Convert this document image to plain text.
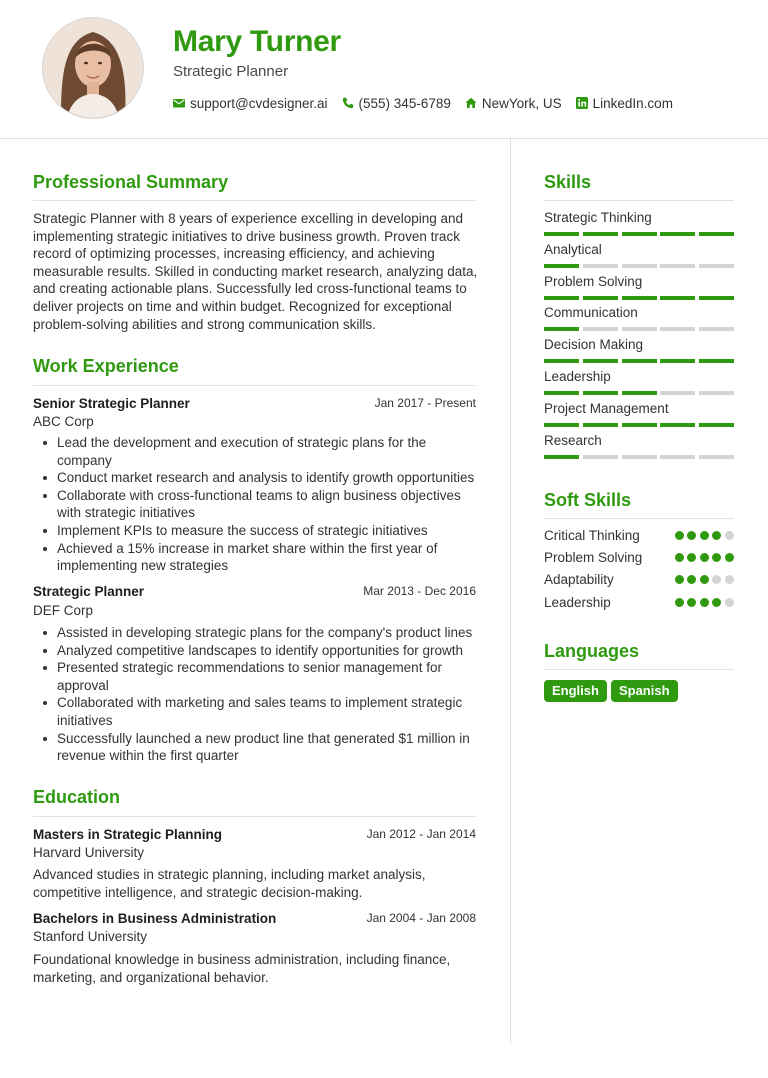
Mary Turner
Strategic Planner
support@cvdesigner.ai (555) 345-6789 NewYork, US LinkedIn.com
Professional Summary
Strategic Planner with 8 years of experience excelling in developing and implementing strategic initiatives to drive business growth. Proven track record of optimizing processes, increasing efficiency, and achieving measurable results. Skilled in conducting market research, analyzing data, and creating actionable plans. Successfully led cross-functional teams to deliver projects on time and within budget. Recognized for exceptional problem-solving abilities and strong communication skills.
Work Experience
Senior Strategic Planner	Jan 2017 - Present
ABC Corp
Lead the development and execution of strategic plans for the company
Conduct market research and analysis to identify growth opportunities
Collaborate with cross-functional teams to align business objectives with strategic initiatives
Implement KPIs to measure the success of strategic initiatives
Achieved a 15% increase in market share within the first year of implementing new strategies
Strategic Planner	Mar 2013 - Dec 2016
DEF Corp
Assisted in developing strategic plans for the company's product lines
Analyzed competitive landscapes to identify opportunities for growth
Presented strategic recommendations to senior management for approval
Collaborated with marketing and sales teams to implement strategic initiatives
Successfully launched a new product line that generated $1 million in revenue within the first quarter
Education
Masters in Strategic Planning	Jan 2012 - Jan 2014
Harvard University
Advanced studies in strategic planning, including market analysis, competitive intelligence, and strategic decision-making.
Bachelors in Business Administration	Jan 2004 - Jan 2008
Stanford University
Foundational knowledge in business administration, including finance, marketing, and organizational behavior.
Skills
Strategic Thinking
Analytical
Problem Solving
Communication
Decision Making
Leadership
Project Management
Research
Soft Skills
Critical Thinking
Problem Solving
Adaptability
Leadership
Languages
English	Spanish
